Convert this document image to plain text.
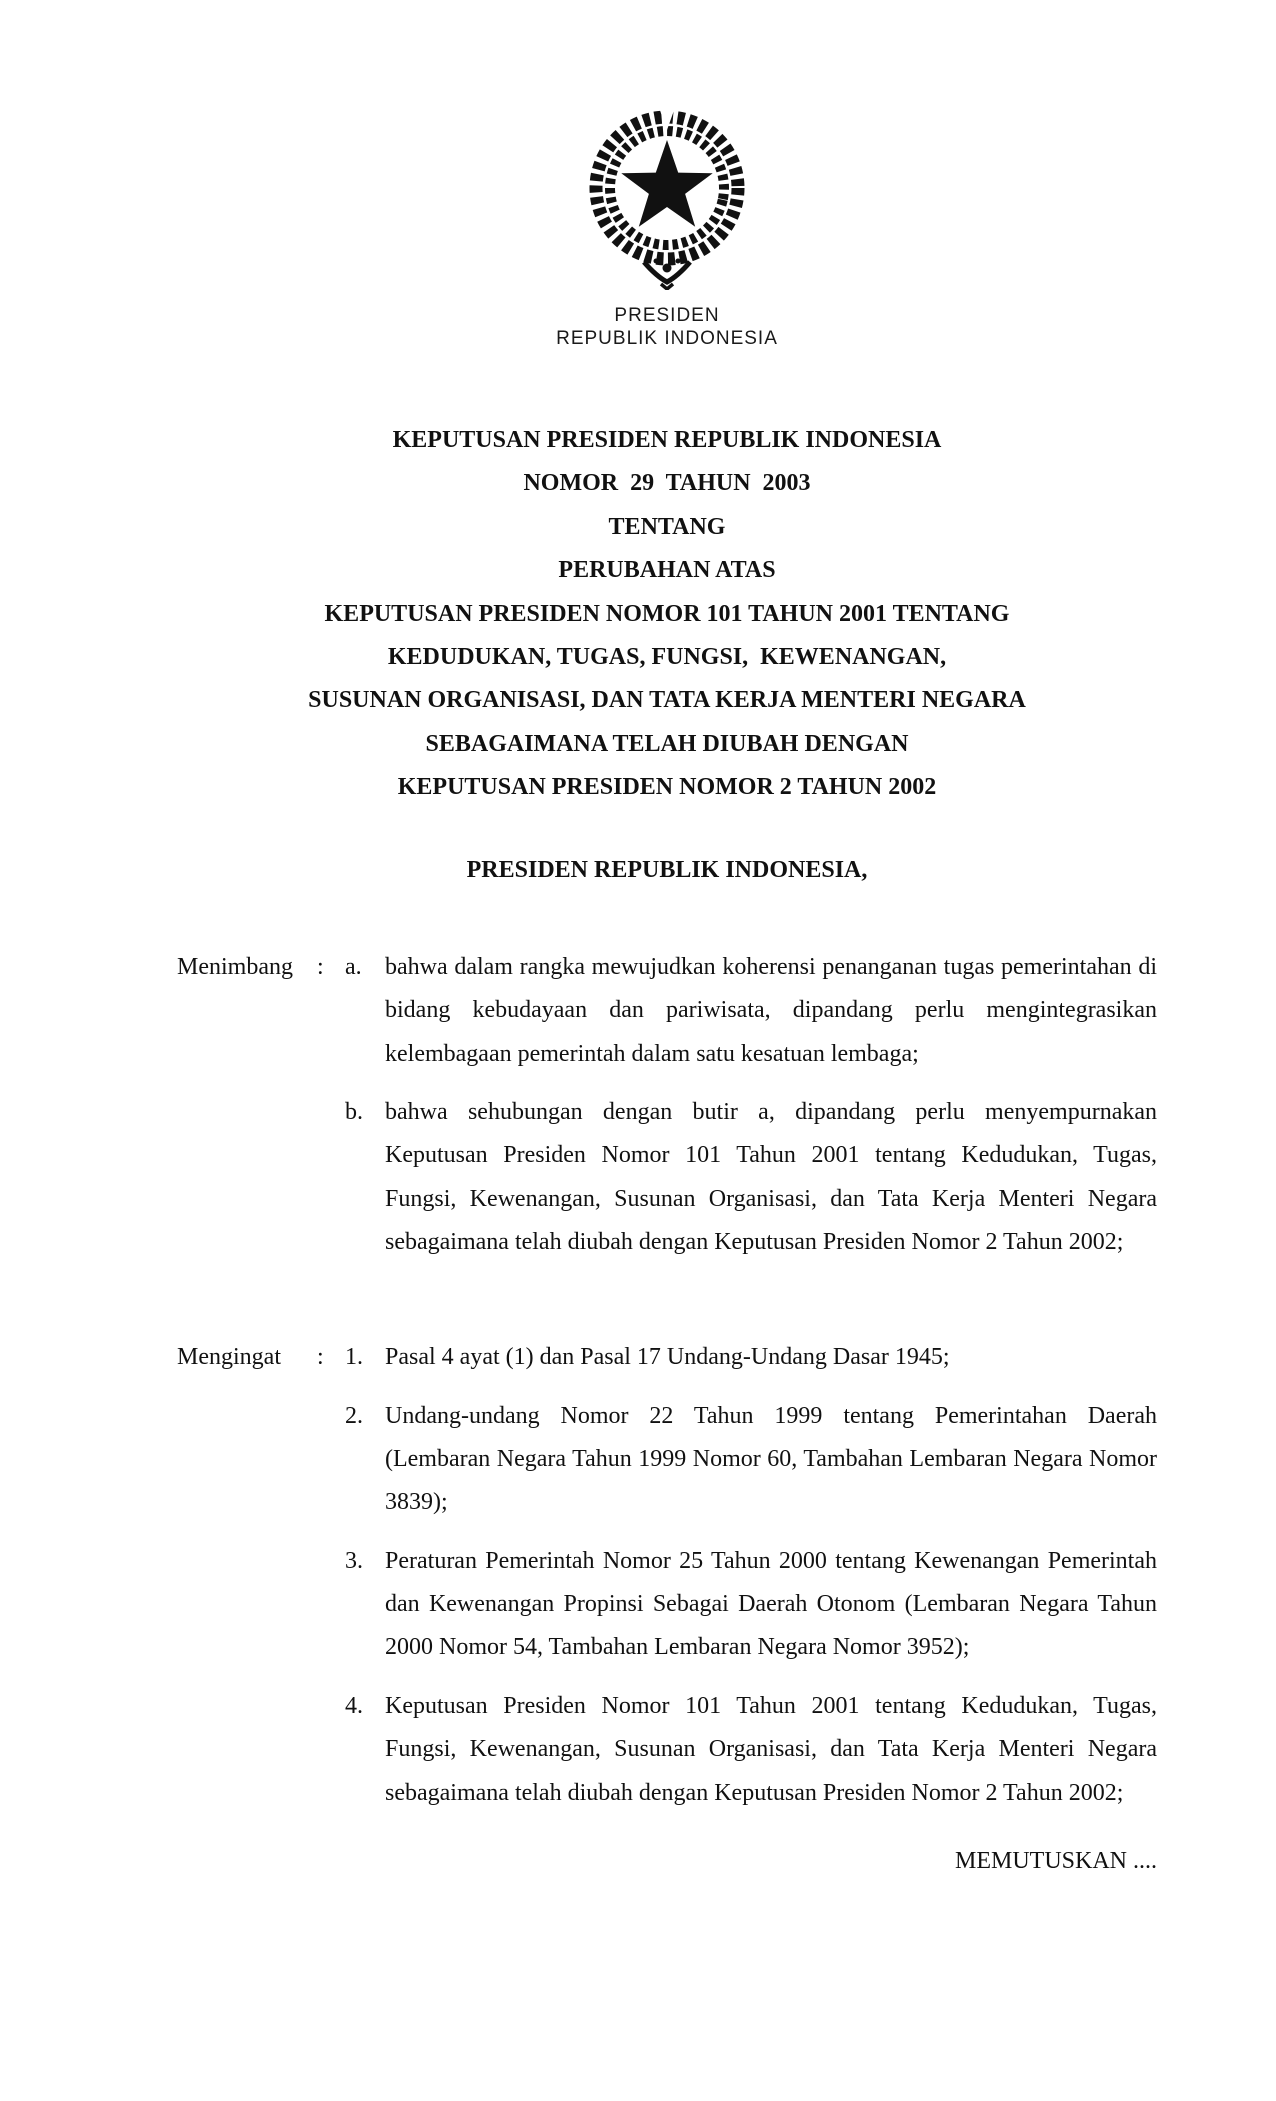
PRESIDEN
REPUBLIK INDONESIA
KEPUTUSAN PRESIDEN REPUBLIK INDONESIA
NOMOR  29  TAHUN  2003
TENTANG
PERUBAHAN ATAS
KEPUTUSAN PRESIDEN NOMOR 101 TAHUN 2001 TENTANG
KEDUDUKAN, TUGAS, FUNGSI,  KEWENANGAN,
SUSUNAN ORGANISASI, DAN TATA KERJA MENTERI NEGARA
SEBAGAIMANA TELAH DIUBAH DENGAN
KEPUTUSAN PRESIDEN NOMOR 2 TAHUN 2002
PRESIDEN REPUBLIK INDONESIA,
Menimbang	: a. bahwa dalam rangka mewujudkan koherensi penanganan tugas pemerintahan di bidang kebudayaan dan pariwisata, dipandang perlu mengintegrasikan kelembagaan pemerintah dalam satu kesatuan lembaga;
b. bahwa sehubungan dengan butir a, dipandang perlu menyempurnakan Keputusan Presiden Nomor 101 Tahun 2001 tentang Kedudukan, Tugas, Fungsi, Kewenangan, Susunan Organisasi, dan Tata Kerja Menteri Negara sebagaimana telah diubah dengan Keputusan Presiden Nomor 2 Tahun 2002;
Mengingat	: 1. Pasal 4 ayat (1) dan Pasal 17 Undang-Undang Dasar 1945;
2. Undang-undang Nomor 22 Tahun 1999 tentang Pemerintahan Daerah (Lembaran Negara Tahun 1999 Nomor 60, Tambahan Lembaran Negara Nomor 3839);
3. Peraturan Pemerintah Nomor 25 Tahun 2000 tentang Kewenangan Pemerintah dan Kewenangan Propinsi Sebagai Daerah Otonom (Lembaran Negara Tahun 2000 Nomor 54, Tambahan Lembaran Negara Nomor 3952);
4. Keputusan Presiden Nomor 101 Tahun 2001 tentang Kedudukan, Tugas, Fungsi, Kewenangan, Susunan Organisasi, dan Tata Kerja Menteri Negara sebagaimana telah diubah dengan Keputusan Presiden Nomor 2 Tahun 2002;
MEMUTUSKAN ....
